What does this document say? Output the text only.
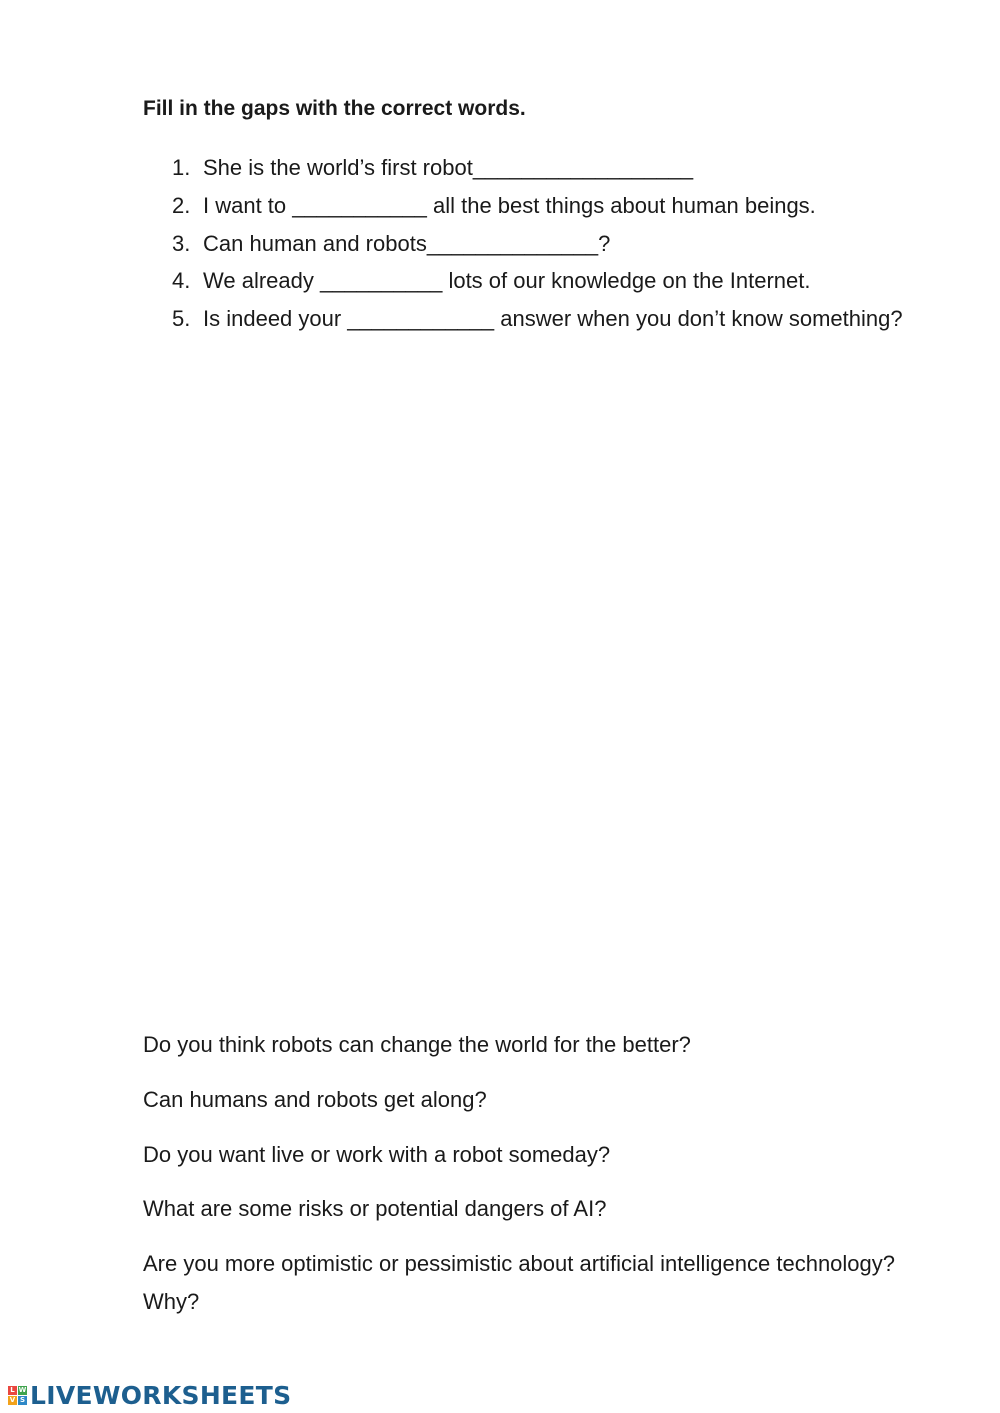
Fill in the gaps with the correct words.
1. She is the world’s first robot__________________
2. I want to ___________ all the best things about human beings.
3. Can human and robots______________?
4. We already __________ lots of our knowledge on the Internet.
5. Is indeed your ____________ answer when you don’t know something?

Do you think robots can change the world for the better?

Can humans and robots get along?

Do you want live or work with a robot someday?

What are some risks or potential dangers of AI?

Are you more optimistic or pessimistic about artificial intelligence technology? Why?

L W
V S LIVEWORKSHEETS
